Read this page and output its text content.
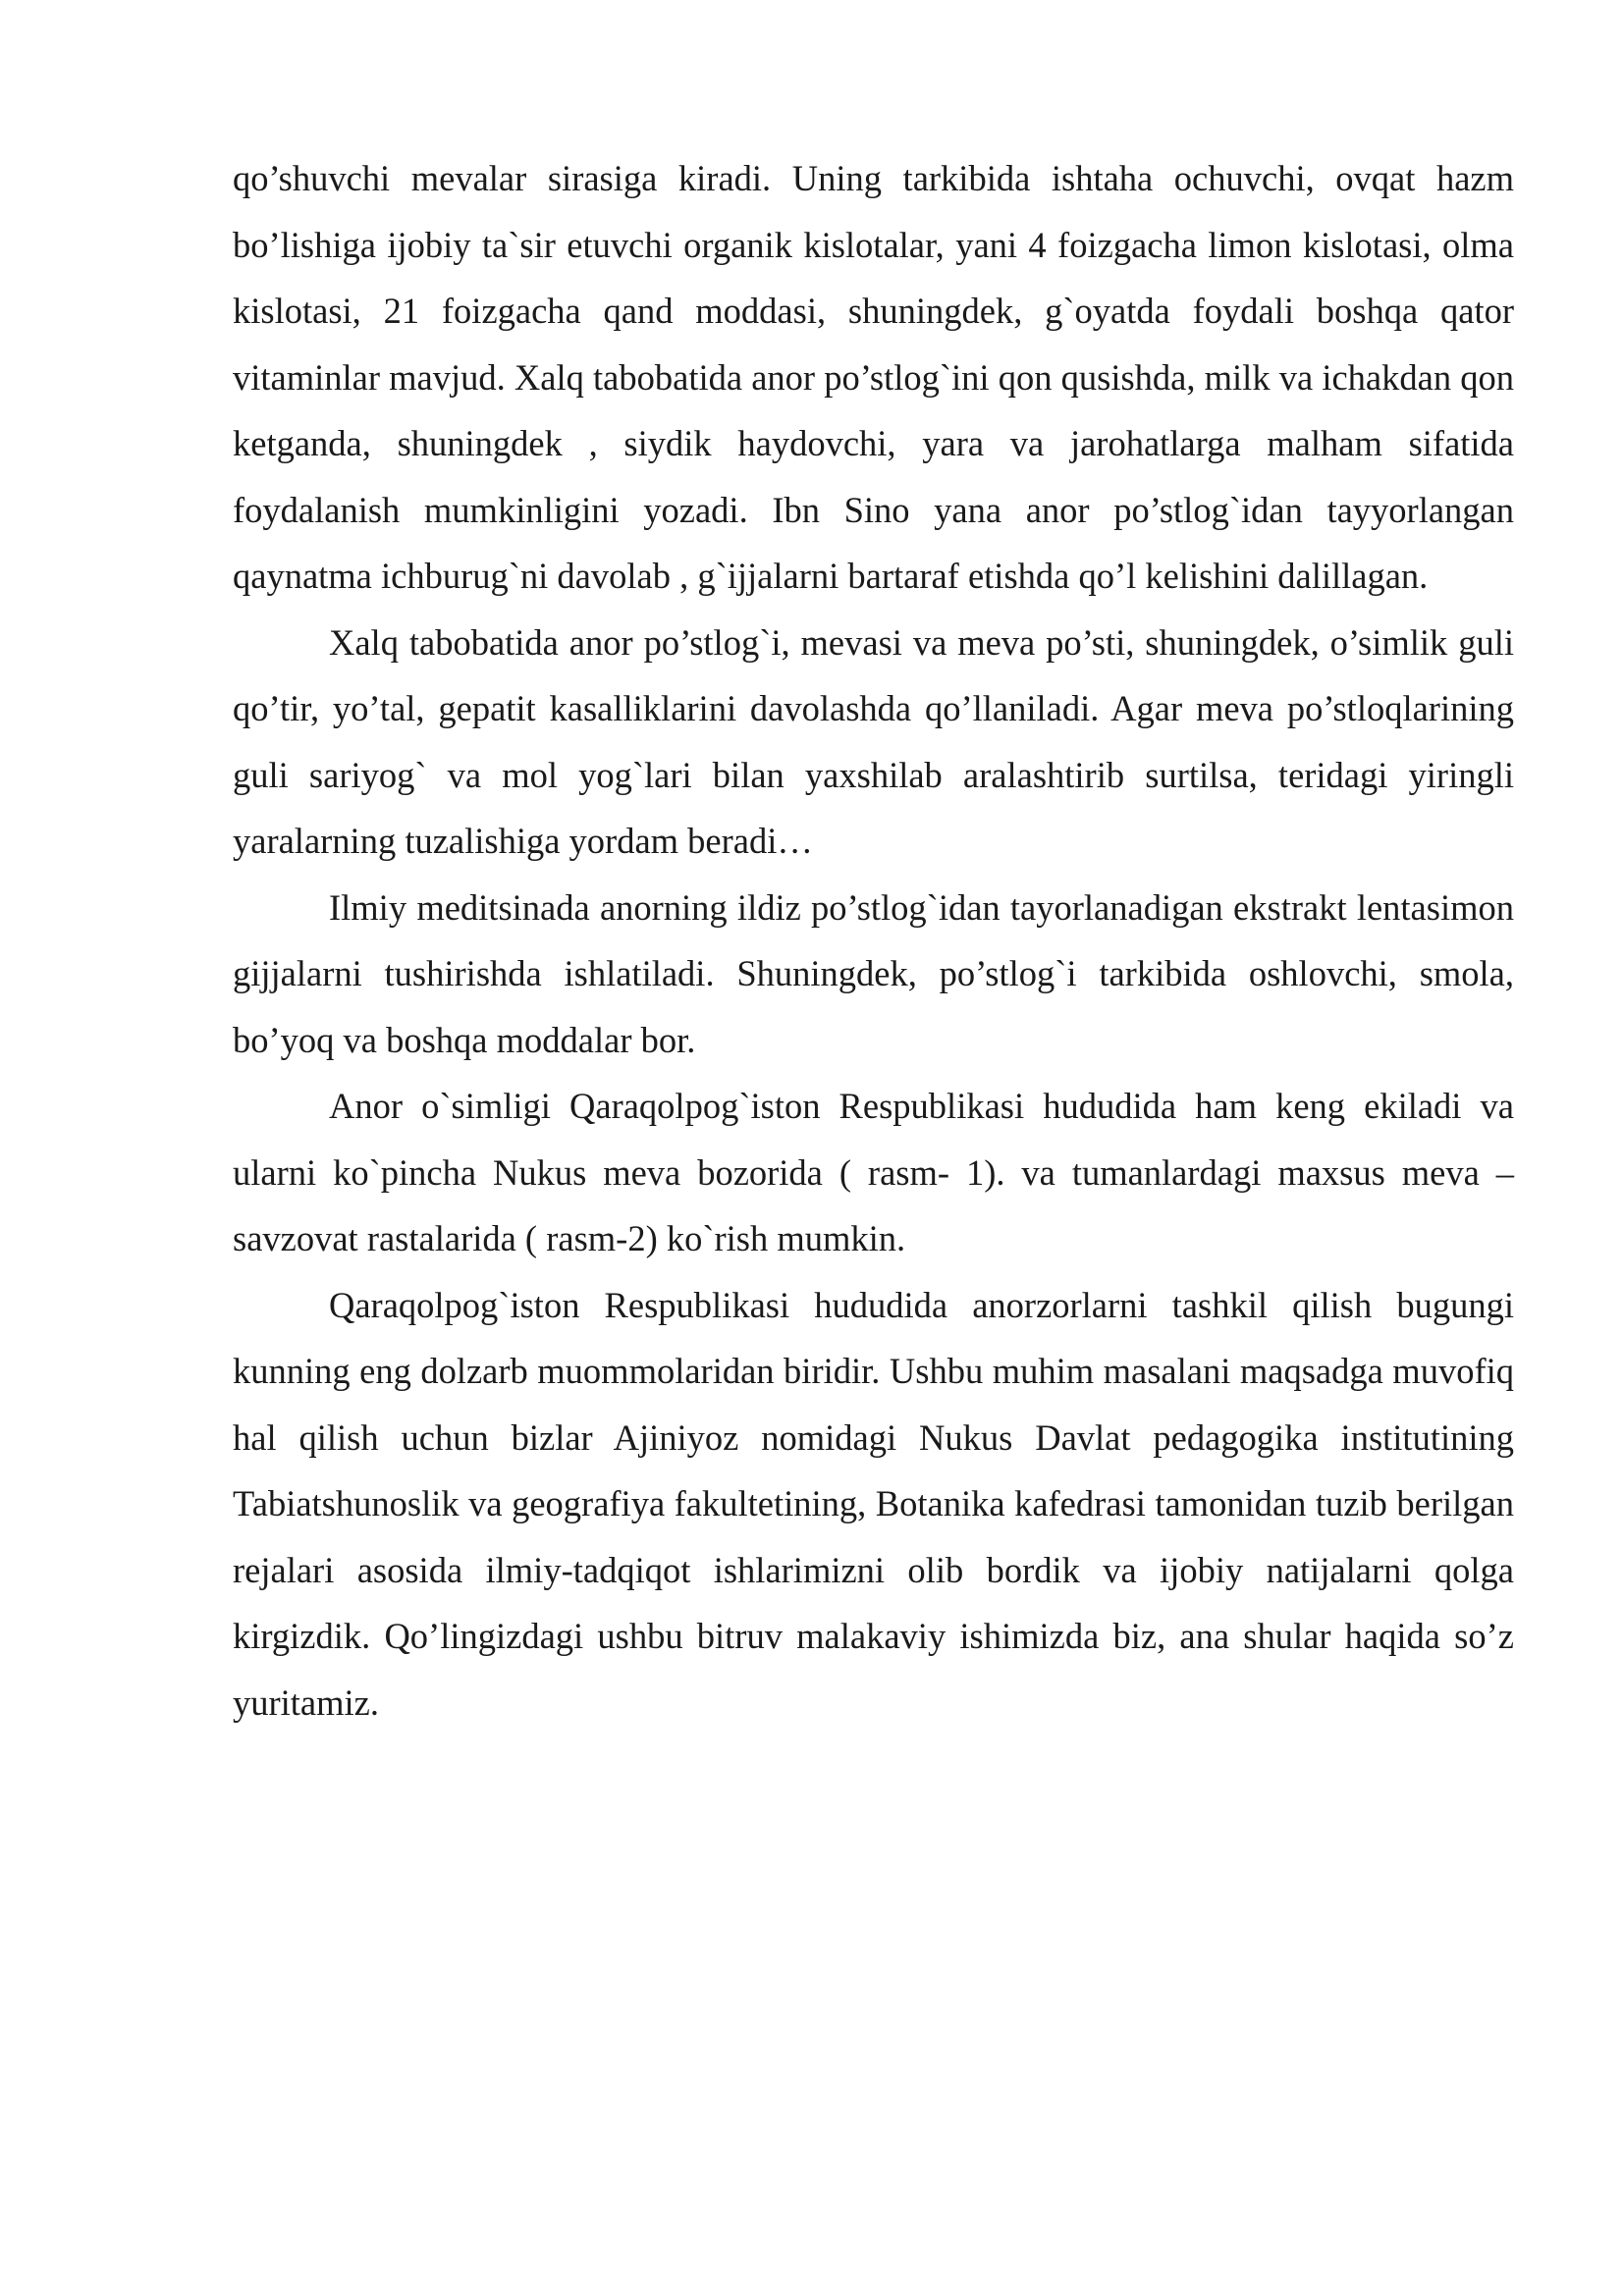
qo’shuvchi mevalar sirasiga kiradi. Uning tarkibida ishtaha ochuvchi, ovqat hazm bo’lishiga ijobiy ta`sir etuvchi organik kislotalar, yani 4 foizgacha limon kislotasi, olma kislotasi, 21 foizgacha qand moddasi, shuningdek, g`oyatda foydali boshqa qator vitaminlar mavjud. Xalq tabobatida anor po’stlog`ini qon qusishda, milk va ichakdan qon ketganda, shuningdek , siydik haydovchi, yara va jarohatlarga malham sifatida foydalanish mumkinligini yozadi. Ibn Sino yana anor po’stlog`idan tayyorlangan qaynatma ichburug`ni davolab , g`ijjalarni bartaraf etishda qo’l kelishini dalillagan.

Xalq tabobatida anor po’stlog`i, mevasi va meva po’sti, shuningdek, o’simlik guli qo’tir, yo’tal, gepatit kasalliklarini davolashda qo’llaniladi. Agar meva po’stloqlarining guli sariyog` va mol yog`lari bilan yaxshilab aralashtirib surtilsa, teridagi yiringli yaralarning tuzalishiga yordam beradi…

Ilmiy meditsinada anorning ildiz po’stlog`idan tayorlanadigan ekstrakt lentasimon gijjalarni tushirishda ishlatiladi. Shuningdek, po’stlog`i tarkibida oshlovchi, smola, bo’yoq va boshqa moddalar bor.

Anor o`simligi Qaraqolpog`iston Respublikasi hududida ham keng ekiladi va ularni ko`pincha Nukus meva bozorida ( rasm- 1). va tumanlardagi maxsus meva –savzovat rastalarida ( rasm-2) ko`rish mumkin.

Qaraqolpog`iston Respublikasi hududida anorzorlarni tashkil qilish bugungi kunning eng dolzarb muommolaridan biridir. Ushbu muhim masalani maqsadga muvofiq hal qilish uchun bizlar Ajiniyoz nomidagi Nukus Davlat pedagogika institutining Tabiatshunoslik va geografiya fakultetining, Botanika kafedrasi tamonidan tuzib berilgan rejalari asosida ilmiy-tadqiqot ishlarimizni olib bordik va ijobiy natijalarni qolga kirgizdik. Qo’lingizdagi ushbu bitruv malakaviy ishimizda biz, ana shular haqida so’z yuritamiz.
